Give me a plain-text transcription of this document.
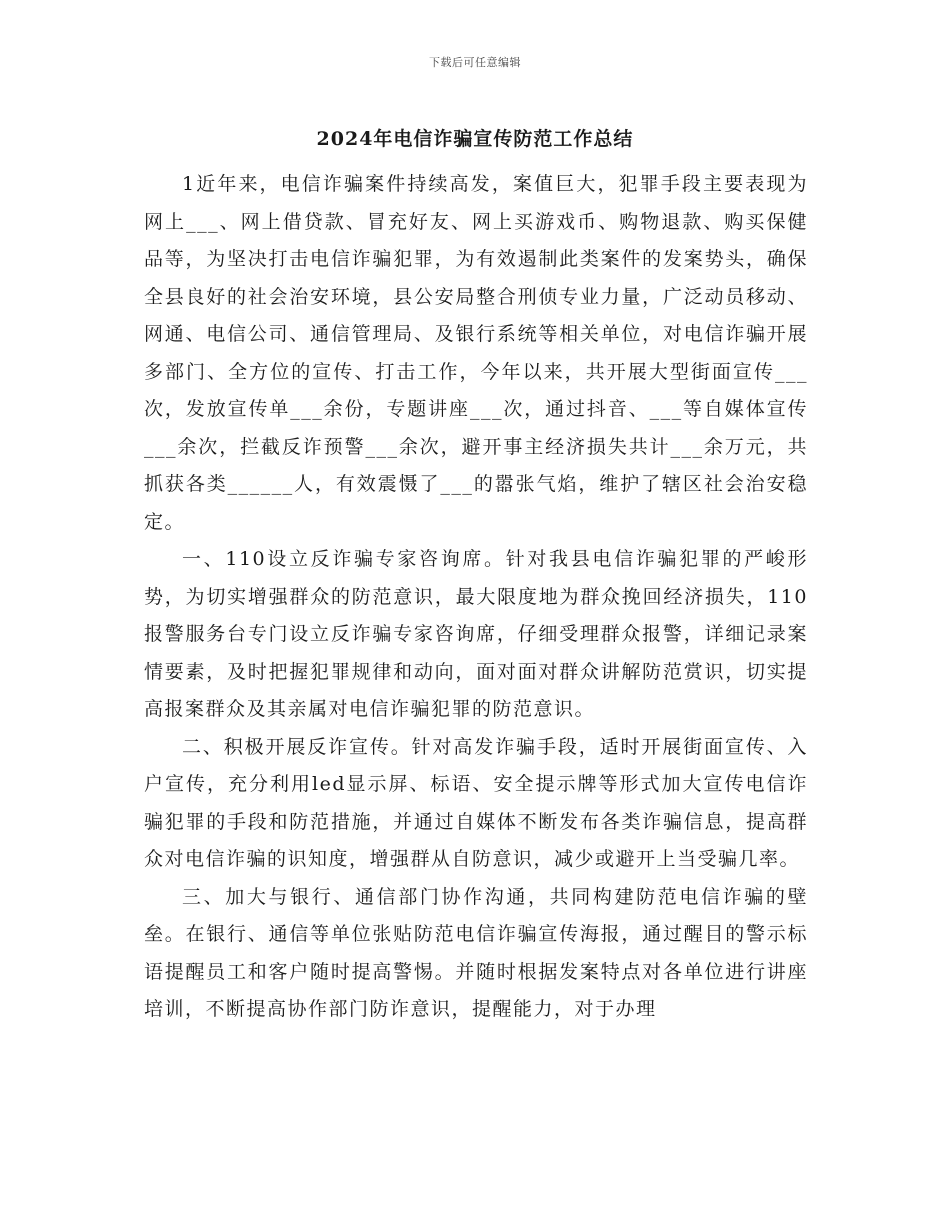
下载后可任意编辑
2024年电信诈骗宣传防范工作总结

1近年来，电信诈骗案件持续高发，案值巨大，犯罪手段主要表现为网上___、网上借贷款、冒充好友、网上买游戏币、购物退款、购买保健品等，为坚决打击电信诈骗犯罪，为有效遏制此类案件的发案势头，确保全县良好的社会治安环境，县公安局整合刑侦专业力量，广泛动员移动、网通、电信公司、通信管理局、及银行系统等相关单位，对电信诈骗开展多部门、全方位的宣传、打击工作，今年以来，共开展大型街面宣传___次，发放宣传单___余份，专题讲座___次，通过抖音、___等自媒体宣传___余次，拦截反诈预警___余次，避开事主经济损失共计___余万元，共抓获各类______人，有效震慑了___的嚣张气焰，维护了辖区社会治安稳定。

一、110设立反诈骗专家咨询席。针对我县电信诈骗犯罪的严峻形势，为切实增强群众的防范意识，最大限度地为群众挽回经济损失，110报警服务台专门设立反诈骗专家咨询席，仔细受理群众报警，详细记录案情要素，及时把握犯罪规律和动向，面对面对群众讲解防范赏识，切实提高报案群众及其亲属对电信诈骗犯罪的防范意识。

二、积极开展反诈宣传。针对高发诈骗手段，适时开展街面宣传、入户宣传，充分利用led显示屏、标语、安全提示牌等形式加大宣传电信诈骗犯罪的手段和防范措施，并通过自媒体不断发布各类诈骗信息，提高群众对电信诈骗的识知度，增强群从自防意识，减少或避开上当受骗几率。

三、加大与银行、通信部门协作沟通，共同构建防范电信诈骗的壁垒。在银行、通信等单位张贴防范电信诈骗宣传海报，通过醒目的警示标语提醒员工和客户随时提高警惕。并随时根据发案特点对各单位进行讲座培训，不断提高协作部门防诈意识，提醒能力，对于办理
